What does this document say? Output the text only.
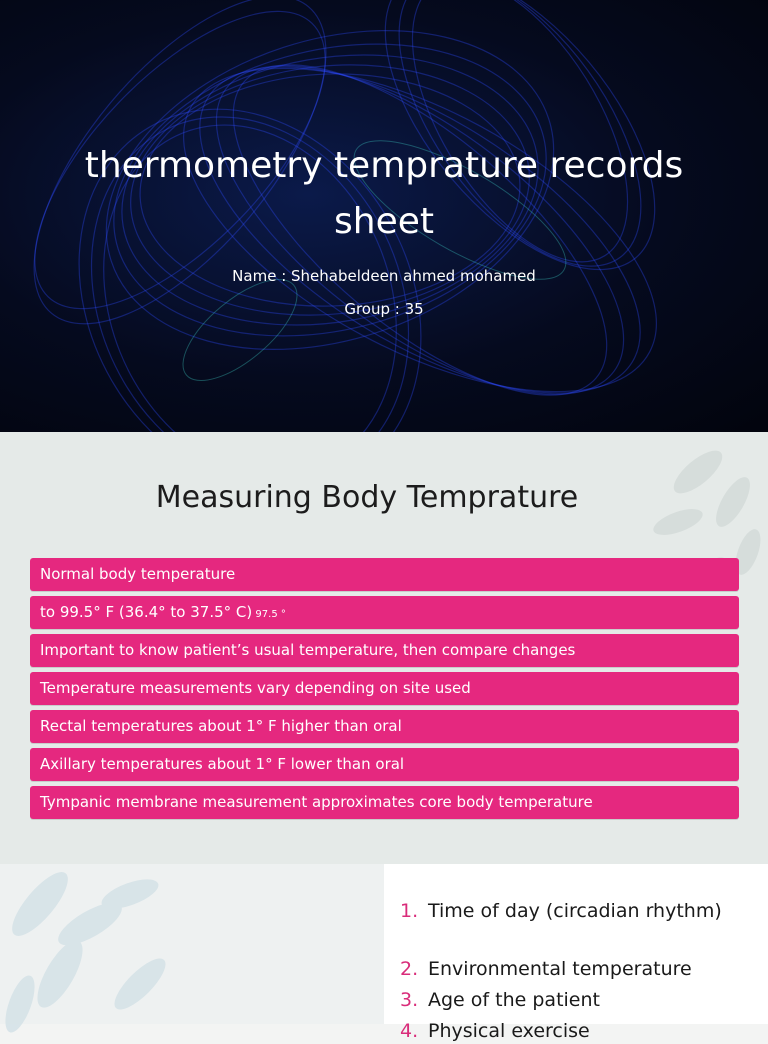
thermometry temprature records
sheet
Name : Shehabeldeen ahmed mohamed
Group : 35
Measuring Body Temprature
Normal body temperature
to 99.5° F (36.4° to 37.5° C) 97.5 °
Important to know patient’s usual temperature, then compare changes
Temperature measurements vary depending on site used
Rectal temperatures about 1° F higher than oral
Axillary temperatures about 1° F lower than oral
Tympanic membrane measurement approximates core body temperature
1. Time of day (circadian rhythm)
2. Environmental temperature
3. Age of the patient
4. Physical exercise
